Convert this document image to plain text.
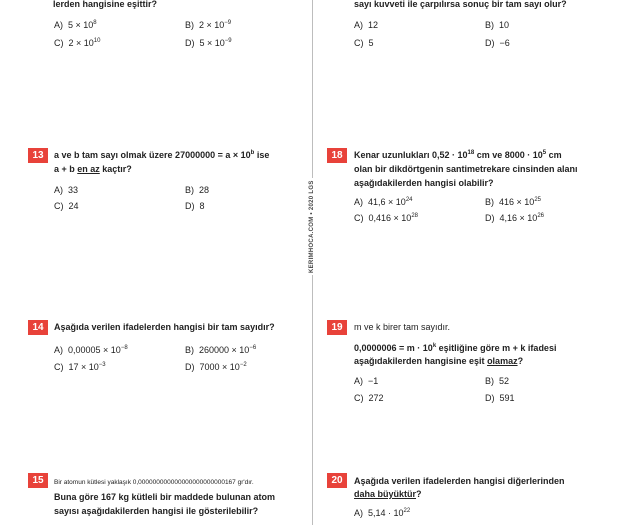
lerden hangisine eşittir?
A) $5 \times 10^8$	B) $2 \times 10^{-9}$
C) $2 \times 10^{10}$	D) $5 \times 10^{-9}$
sayı kuvveti ile çarpılırsa sonuç bir tam sayı olur?
A) 12	B) 10
C) 5	D) −6
KERIMHOCA.COM • 2020 LGS
13	a ve b tam sayı olmak üzere $27000000 = a \times 10^b$ ise
a + b en az kaçtır?
A) 33	B) 28
C) 24	D) 8
18	Kenar uzunlukları $0,52 \cdot 10^{18}$ cm ve $8000 \cdot 10^5$ cm
olan bir dikdörtgenin santimetrekare cinsinden alanı
aşağıdakilerden hangisi olabilir?
A) $41,6 \times 10^{24}$	B) $416 \times 10^{25}$
C) $0,416 \times 10^{28}$	D) $4,16 \times 10^{26}$
14	Aşağıda verilen ifadelerden hangisi bir tam sayıdır?
A) $0,00005 \times 10^{-8}$	B) $260000 \times 10^{-6}$
C) $17 \times 10^{-3}$	D) $7000 \times 10^{-2}$
19	m ve k birer tam sayıdır.
$0,0000006 = m \cdot 10^k$ eşitliğine göre m + k ifadesi
aşağıdakilerden hangisine eşit olamaz?
A) −1	B) 52
C) 272	D) 591
15	Bir atomun kütlesi yaklaşık 0,000000000000000000000000167 gr'dır.
Buna göre 167 kg kütleli bir maddede bulunan atom
sayısı aşağıdakilerden hangisi ile gösterilebilir?
20	Aşağıda verilen ifadelerden hangisi diğerlerinden
daha büyüktür?
A) $5,14 \cdot 10^{22}$
